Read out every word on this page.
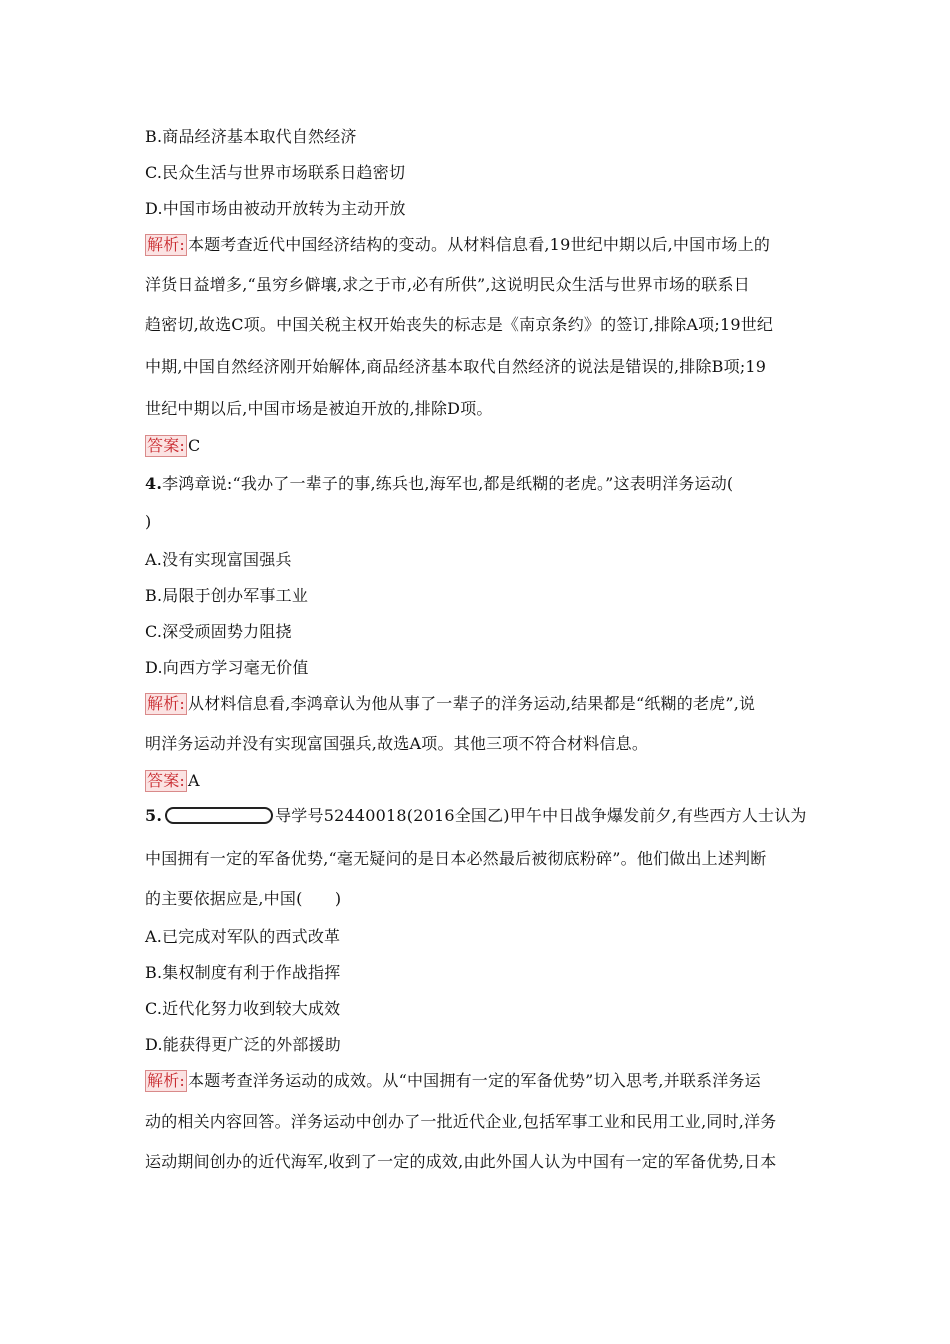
B.商品经济基本取代自然经济
C.民众生活与世界市场联系日趋密切
D.中国市场由被动开放转为主动开放
解析: 本题考查近代中国经济结构的变动。从材料信息看,19世纪中期以后,中国市场上的
洋货日益增多,“虽穷乡僻壤,求之于市,必有所供”,这说明民众生活与世界市场的联系日
趋密切,故选C项。中国关税主权开始丧失的标志是《南京条约》的签订,排除A项;19世纪
中期,中国自然经济刚开始解体,商品经济基本取代自然经济的说法是错误的,排除B项;19
世纪中期以后,中国市场是被迫开放的,排除D项。
答案: C
4.李鸿章说:“我办了一辈子的事,练兵也,海军也,都是纸糊的老虎。”这表明洋务运动(
)
A.没有实现富国强兵
B.局限于创办军事工业
C.深受顽固势力阻挠
D.向西方学习毫无价值
解析: 从材料信息看,李鸿章认为他从事了一辈子的洋务运动,结果都是“纸糊的老虎”,说
明洋务运动并没有实现富国强兵,故选A项。其他三项不符合材料信息。
答案: A
5.	导学号52440018(2016全国乙)甲午中日战争爆发前夕,有些西方人士认为
中国拥有一定的军备优势,“毫无疑问的是日本必然最后被彻底粉碎”。他们做出上述判断
的主要依据应是,中国(　　)
A.已完成对军队的西式改革
B.集权制度有利于作战指挥
C.近代化努力收到较大成效
D.能获得更广泛的外部援助
解析: 本题考查洋务运动的成效。从“中国拥有一定的军备优势”切入思考,并联系洋务运
动的相关内容回答。洋务运动中创办了一批近代企业,包括军事工业和民用工业,同时,洋务
运动期间创办的近代海军,收到了一定的成效,由此外国人认为中国有一定的军备优势,日本
